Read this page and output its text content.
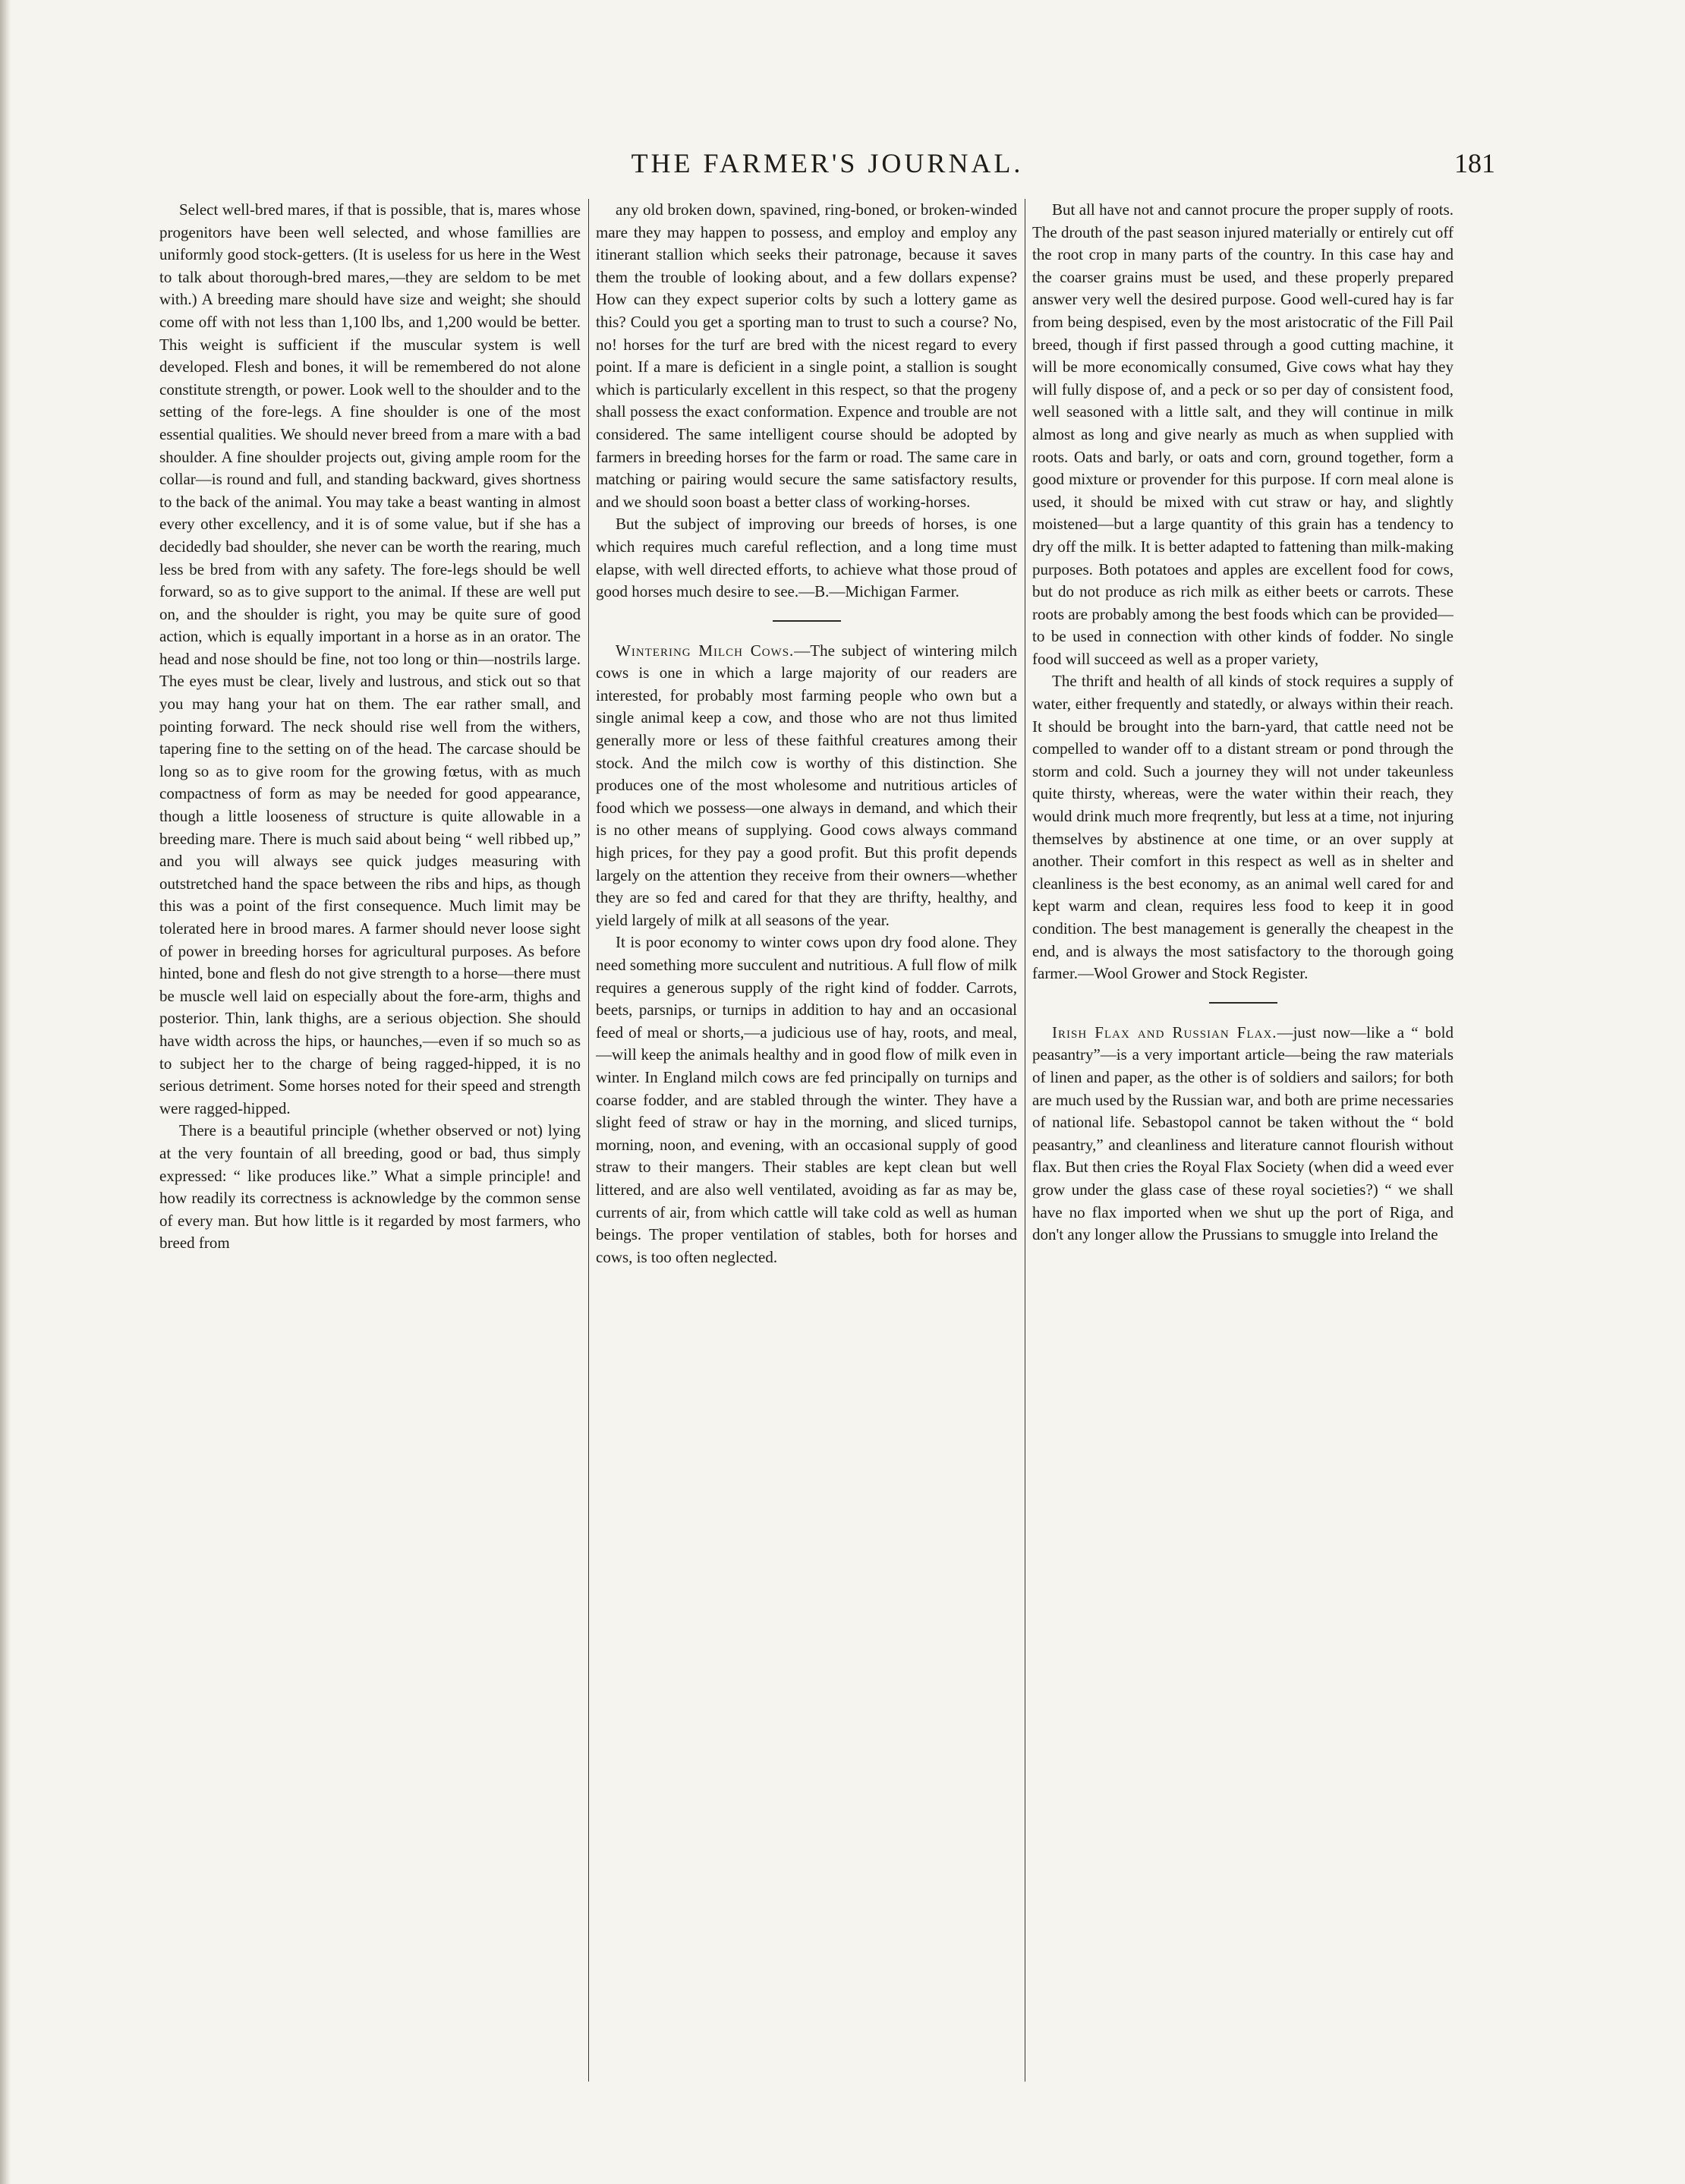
THE FARMER'S JOURNAL.	181

Select well-bred mares, if that is possible, that is, mares whose progenitors have been well selected, and whose famillies are uniformly good stock-getters. (It is useless for us here in the West to talk about thorough-bred mares,—they are seldom to be met with.) A breeding mare should have size and weight; she should come off with not less than 1,100 lbs, and 1,200 would be better. This weight is sufficient if the muscular system is well developed. Flesh and bones, it will be remembered do not alone constitute strength, or power. Look well to the shoulder and to the setting of the fore-legs. A fine shoulder is one of the most essential qualities. We should never breed from a mare with a bad shoulder. A fine shoulder projects out, giving ample room for the collar—is round and full, and standing backward, gives shortness to the back of the animal. You may take a beast wanting in almost every other excellency, and it is of some value, but if she has a decidedly bad shoulder, she never can be worth the rearing, much less be bred from with any safety. The fore-legs should be well forward, so as to give support to the animal. If these are well put on, and the shoulder is right, you may be quite sure of good action, which is equally important in a horse as in an orator. The head and nose should be fine, not too long or thin—nostrils large. The eyes must be clear, lively and lustrous, and stick out so that you may hang your hat on them. The ear rather small, and pointing forward. The neck should rise well from the withers, tapering fine to the setting on of the head. The carcase should be long so as to give room for the growing fœtus, with as much compactness of form as may be needed for good appearance, though a little looseness of structure is quite allowable in a breeding mare. There is much said about being “ well ribbed up,” and you will always see quick judges measuring with outstretched hand the space between the ribs and hips, as though this was a point of the first consequence. Much limit may be tolerated here in brood mares. A farmer should never loose sight of power in breeding horses for agricultural purposes. As before hinted, bone and flesh do not give strength to a horse—there must be muscle well laid on especially about the fore-arm, thighs and posterior. Thin, lank thighs, are a serious objection. She should have width across the hips, or haunches,—even if so much so as to subject her to the charge of being ragged-hipped, it is no serious detriment. Some horses noted for their speed and strength were ragged-hipped.

There is a beautiful principle (whether observed or not) lying at the very fountain of all breeding, good or bad, thus simply expressed: “ like produces like.” What a simple principle! and how readily its correctness is acknowledge by the common sense of every man. But how little is it regarded by most farmers, who breed from

any old broken down, spavined, ring-boned, or broken-winded mare they may happen to possess, and employ and employ any itinerant stallion which seeks their patronage, because it saves them the trouble of looking about, and a few dollars expense? How can they expect superior colts by such a lottery game as this? Could you get a sporting man to trust to such a course? No, no! horses for the turf are bred with the nicest regard to every point. If a mare is deficient in a single point, a stallion is sought which is particularly excellent in this respect, so that the progeny shall possess the exact conformation. Expence and trouble are not considered. The same intelligent course should be adopted by farmers in breeding horses for the farm or road. The same care in matching or pairing would secure the same satisfactory results, and we should soon boast a better class of working-horses.

But the subject of improving our breeds of horses, is one which requires much careful reflection, and a long time must elapse, with well directed efforts, to achieve what those proud of good horses much desire to see.—B.—Michigan Farmer.

Wintering Milch Cows.—The subject of wintering milch cows is one in which a large majority of our readers are interested, for probably most farming people who own but a single animal keep a cow, and those who are not thus limited generally more or less of these faithful creatures among their stock. And the milch cow is worthy of this distinction. She produces one of the most wholesome and nutritious articles of food which we possess—one always in demand, and which their is no other means of supplying. Good cows always command high prices, for they pay a good profit. But this profit depends largely on the attention they receive from their owners—whether they are so fed and cared for that they are thrifty, healthy, and yield largely of milk at all seasons of the year.

It is poor economy to winter cows upon dry food alone. They need something more succulent and nutritious. A full flow of milk requires a generous supply of the right kind of fodder. Carrots, beets, parsnips, or turnips in addition to hay and an occasional feed of meal or shorts,—a judicious use of hay, roots, and meal,—will keep the animals healthy and in good flow of milk even in winter. In England milch cows are fed principally on turnips and coarse fodder, and are stabled through the winter. They have a slight feed of straw or hay in the morning, and sliced turnips, morning, noon, and evening, with an occasional supply of good straw to their mangers. Their stables are kept clean but well littered, and are also well ventilated, avoiding as far as may be, currents of air, from which cattle will take cold as well as human beings. The proper ventilation of stables, both for horses and cows, is too often neglected.

But all have not and cannot procure the proper supply of roots. The drouth of the past season injured materially or entirely cut off the root crop in many parts of the country. In this case hay and the coarser grains must be used, and these properly prepared answer very well the desired purpose. Good well-cured hay is far from being despised, even by the most aristocratic of the Fill Pail breed, though if first passed through a good cutting machine, it will be more economically consumed, Give cows what hay they will fully dispose of, and a peck or so per day of consistent food, well seasoned with a little salt, and they will continue in milk almost as long and give nearly as much as when supplied with roots. Oats and barly, or oats and corn, ground together, form a good mixture or provender for this purpose. If corn meal alone is used, it should be mixed with cut straw or hay, and slightly moistened—but a large quantity of this grain has a tendency to dry off the milk. It is better adapted to fattening than milk-making purposes. Both potatoes and apples are excellent food for cows, but do not produce as rich milk as either beets or carrots. These roots are probably among the best foods which can be provided—to be used in connection with other kinds of fodder. No single food will succeed as well as a proper variety,

The thrift and health of all kinds of stock requires a supply of water, either frequently and statedly, or always within their reach. It should be brought into the barn-yard, that cattle need not be compelled to wander off to a distant stream or pond through the storm and cold. Such a journey they will not under takeunless quite thirsty, whereas, were the water within their reach, they would drink much more freqrently, but less at a time, not injuring themselves by abstinence at one time, or an over supply at another. Their comfort in this respect as well as in shelter and cleanliness is the best economy, as an animal well cared for and kept warm and clean, requires less food to keep it in good condition. The best management is generally the cheapest in the end, and is always the most satisfactory to the thorough going farmer.—Wool Grower and Stock Register.

Irish Flax and Russian Flax.—just now—like a “ bold peasantry”—is a very important article—being the raw materials of linen and paper, as the other is of soldiers and sailors; for both are much used by the Russian war, and both are prime necessaries of national life. Sebastopol cannot be taken without the “ bold peasantry,” and cleanliness and literature cannot flourish without flax. But then cries the Royal Flax Society (when did a weed ever grow under the glass case of these royal societies?) “ we shall have no flax imported when we shut up the port of Riga, and don't any longer allow the Prussians to smuggle into Ireland the
